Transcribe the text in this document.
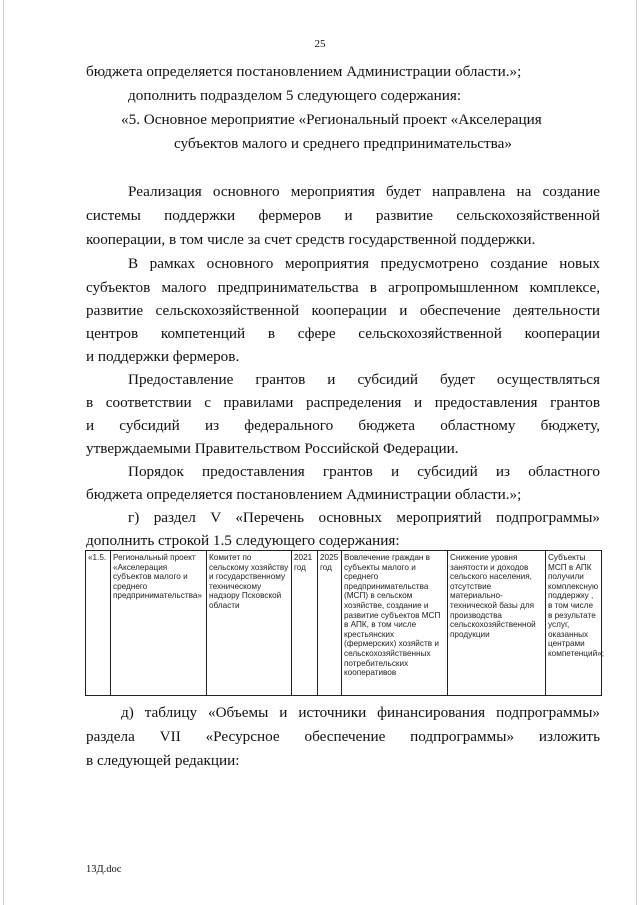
25
бюджета определяется постановлением Администрации области.»;
дополнить подразделом 5 следующего содержания:
«5. Основное мероприятие «Региональный проект «Акселерация
субъектов малого и среднего предпринимательства»
Реализация основного мероприятия будет направлена на создание
системы поддержки фермеров и развитие сельскохозяйственной
кооперации, в том числе за счет средств государственной поддержки.
В рамках основного мероприятия предусмотрено создание новых
субъектов малого предпринимательства в агропромышленном комплексе,
развитие сельскохозяйственной кооперации и обеспечение деятельности
центров компетенций в сфере сельскохозяйственной кооперации
и поддержки фермеров.
Предоставление грантов и субсидий будет осуществляться
в соответствии с правилами распределения и предоставления грантов
и субсидий из федерального бюджета областному бюджету,
утверждаемыми Правительством Российской Федерации.
Порядок предоставления грантов и субсидий из областного
бюджета определяется постановлением Администрации области.»;
г) раздел V «Перечень основных мероприятий подпрограммы»
дополнить строкой 1.5 следующего содержания:
«1.5.	Региональный проект «Акселерация субъектов малого и среднего предпринимательства»	Комитет по сельскому хозяйству и государственному техническому надзору Псковской области	2021 год	2025 год	Вовлечение граждан в субъекты малого и среднего предпринимательства (МСП) в сельском хозяйстве, создание и развитие субъектов МСП в АПК, в том числе крестьянских (фермерских) хозяйств и сельскохозяйственных потребительских кооперативов	Снижение уровня занятости и доходов сельского населения, отсутствие материально-технической базы для производства сельскохозяйственной продукции	Субъекты МСП в АПК получили комплексную поддержку , в том числе в результате услуг, оказанных центрами компетенций»;
д) таблицу «Объемы и источники финансирования подпрограммы»
раздела VII «Ресурсное обеспечение подпрограммы» изложить
в следующей редакции:
13Д.doc
